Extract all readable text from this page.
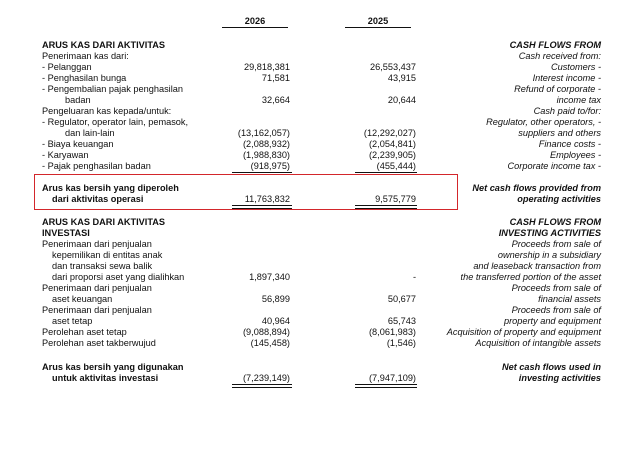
2026	2025
ARUS KAS DARI AKTIVITAS	CASH FLOWS FROM
Penerimaan kas dari:	Cash received from:
- Pelanggan	29,818,381	26,553,437	Customers -
- Penghasilan bunga	71,581	43,915	Interest income -
- Pengembalian pajak penghasilan	Refund of corporate -
badan	32,664	20,644	income tax
Pengeluaran kas kepada/untuk:	Cash paid to/for:
- Regulator, operator lain, pemasok,	Regulator, other operators, -
dan lain-lain	(13,162,057)	(12,292,027)	suppliers and others
- Biaya keuangan	(2,088,932)	(2,054,841)	Finance costs -
- Karyawan	(1,988,830)	(2,239,905)	Employees -
- Pajak penghasilan badan	(918,975)	(455,444)	Corporate income tax -
Arus kas bersih yang diperoleh	Net cash flows provided from
dari aktivitas operasi	11,763,832	9,575,779	operating activities
ARUS KAS DARI AKTIVITAS	CASH FLOWS FROM
INVESTASI	INVESTING ACTIVITIES
Penerimaan dari penjualan	Proceeds from sale of
kepemilikan di entitas anak	ownership in a subsidiary
dan transaksi sewa balik	and leaseback transaction from
dari proporsi aset yang dialihkan	1,897,340	-	the transferred portion of the asset
Penerimaan dari penjualan	Proceeds from sale of
aset keuangan	56,899	50,677	financial assets
Penerimaan dari penjualan	Proceeds from sale of
aset tetap	40,964	65,743	property and equipment
Perolehan aset tetap	(9,088,894)	(8,061,983)	Acquisition of property and equipment
Perolehan aset takberwujud	(145,458)	(1,546)	Acquisition of intangible assets
Arus kas bersih yang digunakan	Net cash flows used in
untuk aktivitas investasi	(7,239,149)	(7,947,109)	investing activities
